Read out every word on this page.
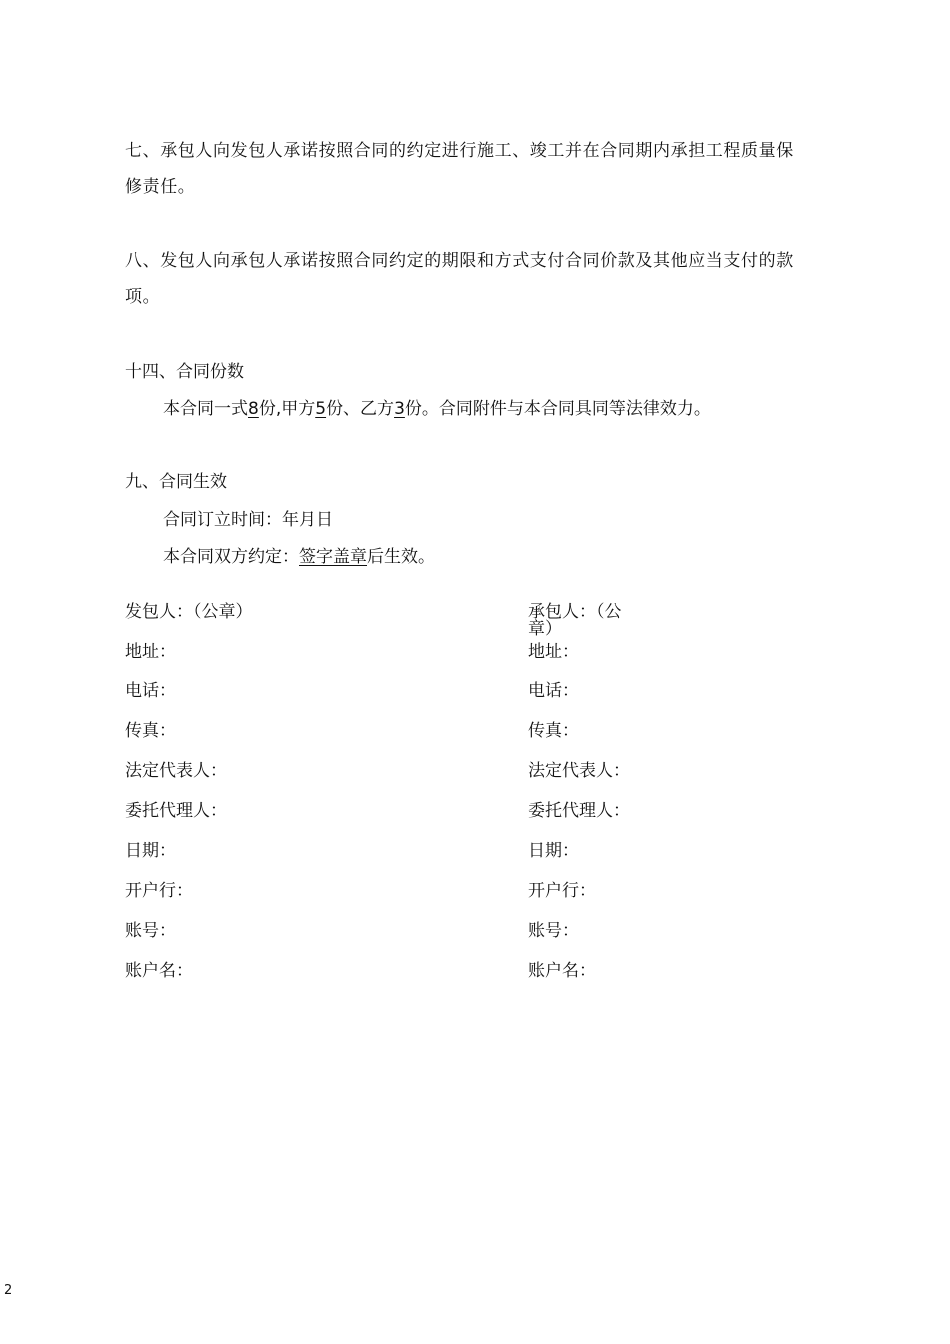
七、承包人向发包人承诺按照合同的约定进行施工、竣工并在合同期内承担工程质量保
修责任。
八、发包人向承包人承诺按照合同约定的期限和方式支付合同价款及其他应当支付的款
项。
十四、合同份数
本合同一式8份,甲方5份、乙方3份。合同附件与本合同具同等法律效力。
九、合同生效
合同订立时间：年月日
本合同双方约定：签字盖章后生效。
发包人：（公章）
地址：
电话：
传真：
法定代表人：
委托代理人：
日期：
开户行：
账号：
账户名：
承包人：（公
章）
地址：
电话：
传真：
法定代表人：
委托代理人：
日期：
开户行：
账号：
账户名：
2
